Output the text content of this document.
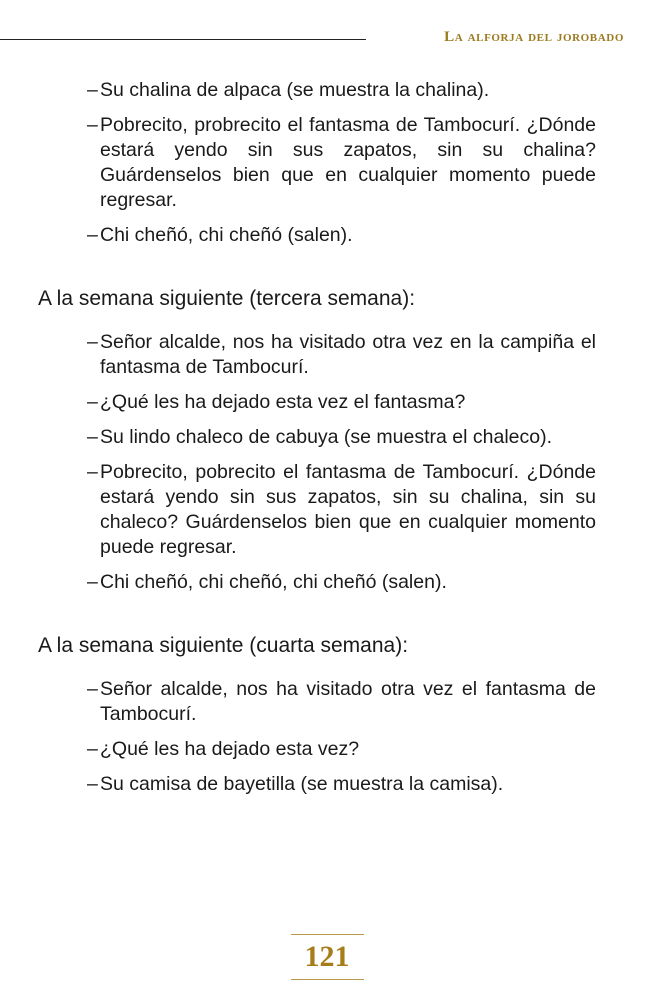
La alforja del jorobado

– Su chalina de alpaca (se muestra la chalina).

– Pobrecito, probrecito el fantasma de Tambocurí. ¿Dónde estará yendo sin sus zapatos, sin su chalina? Guárdenselos bien que en cualquier momento puede regresar.

– Chi cheñó, chi cheñó (salen).

A la semana siguiente (tercera semana):

– Señor alcalde, nos ha visitado otra vez en la campiña el fantasma de Tambocurí.

– ¿Qué les ha dejado esta vez el fantasma?

– Su lindo chaleco de cabuya (se muestra el chaleco).

– Pobrecito, pobrecito el fantasma de Tambocurí. ¿Dónde estará yendo sin sus zapatos, sin su chalina, sin su chaleco? Guárdenselos bien que en cualquier momento puede regresar.

– Chi cheñó, chi cheñó, chi cheñó (salen).

A la semana siguiente (cuarta semana):

– Señor alcalde, nos ha visitado otra vez el fantasma de Tambocurí.

– ¿Qué les ha dejado esta vez?

– Su camisa de bayetilla (se muestra la camisa).

121
